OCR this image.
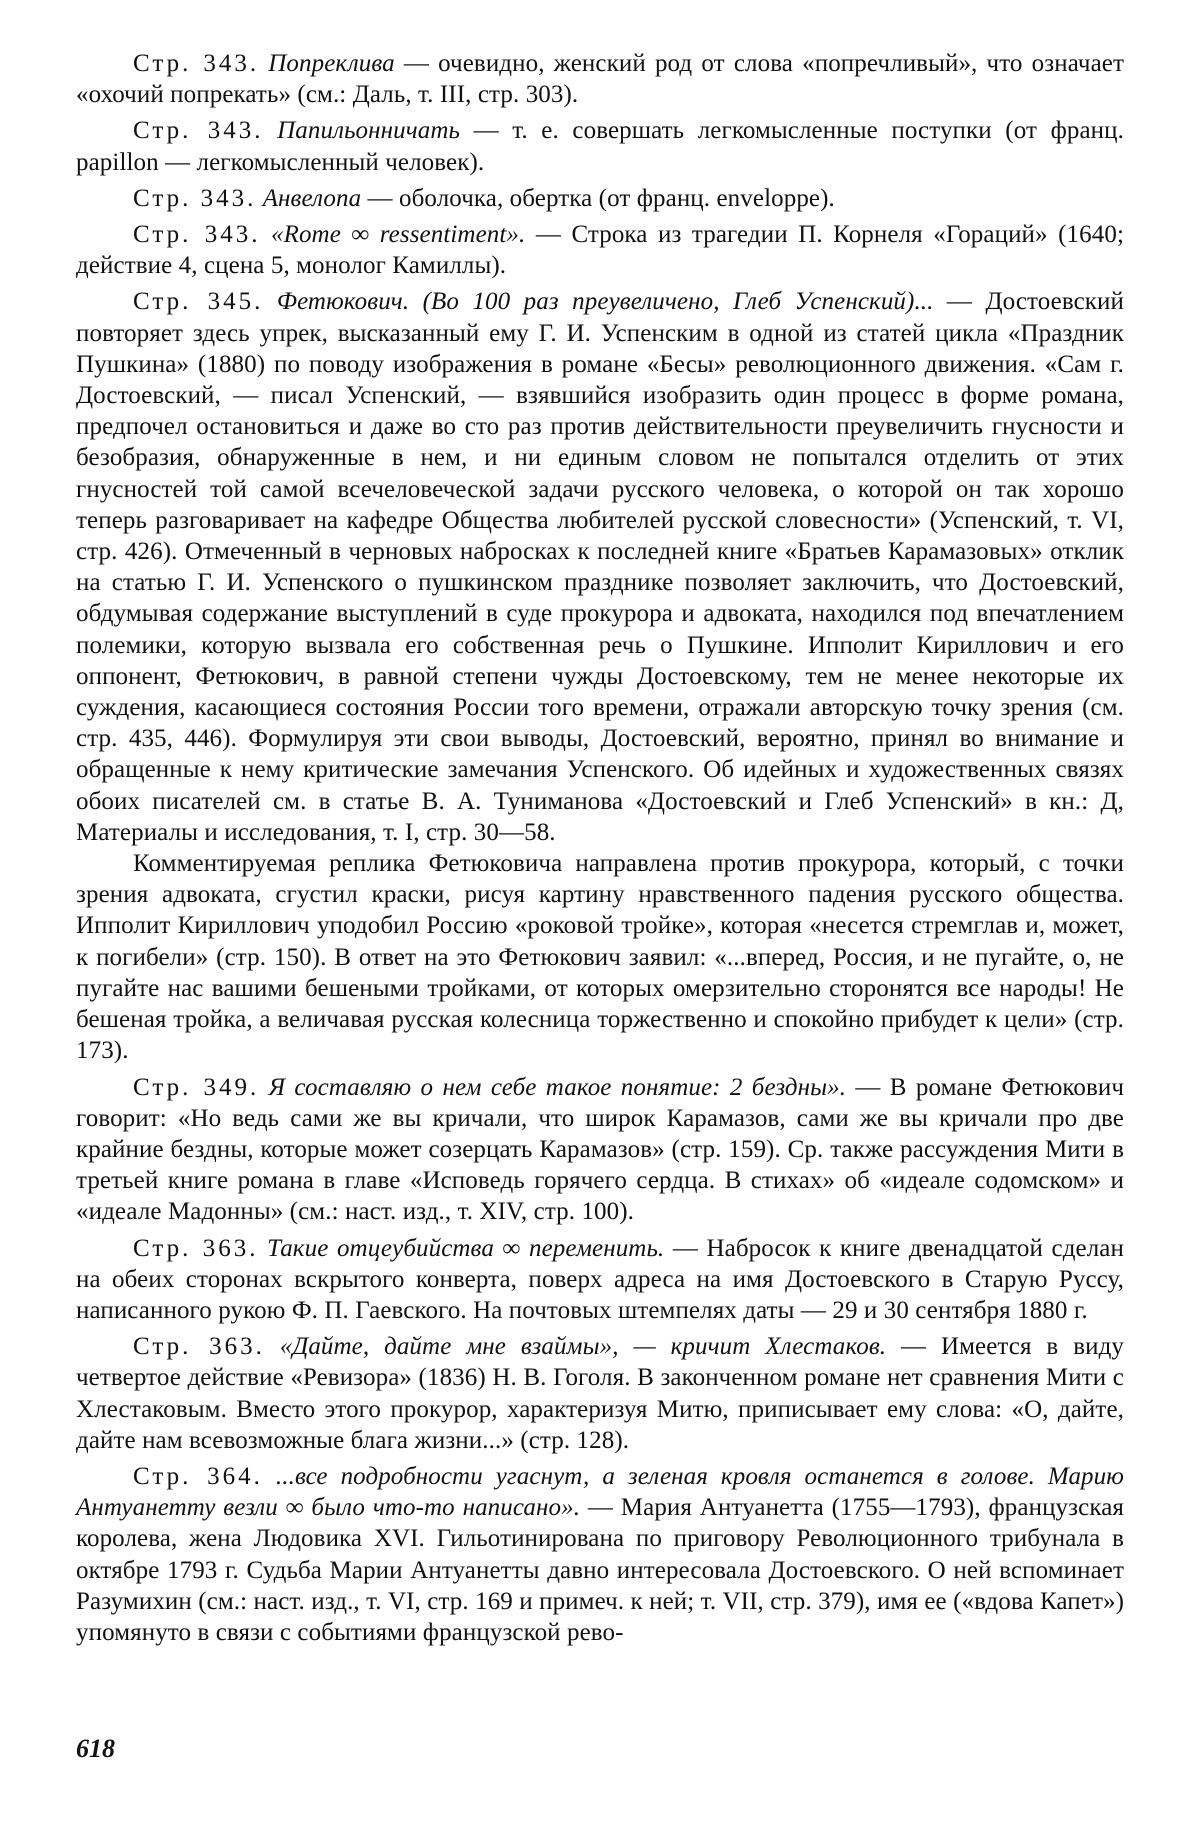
Стр. 343. Попреклива — очевидно, женский род от слова «попречливый», что означает «охочий попрекать» (см.: Даль, т. III, стр. 303).

Стр. 343. Папильонничать — т. е. совершать легкомысленные поступки (от франц. papillon — легкомысленный человек).

Стр. 343. Анвелопа — оболочка, обертка (от франц. enveloppe).

Стр. 343. «Rome ∞ ressentiment». — Строка из трагедии П. Корнеля «Гораций» (1640; действие 4, сцена 5, монолог Камиллы).

Стр. 345. Фетюкович. (Во 100 раз преувеличено, Глеб Успенский)... — Достоевский повторяет здесь упрек, высказанный ему Г. И. Успенским в одной из статей цикла «Праздник Пушкина» (1880) по поводу изображения в романе «Бесы» революционного движения. «Сам г. Достоевский, — писал Успенский, — взявшийся изобразить один процесс в форме романа, предпочел остановиться и даже во сто раз против действительности преувеличить гнусности и безобразия, обнаруженные в нем, и ни единым словом не попытался отделить от этих гнусностей той самой всечеловеческой задачи русского человека, о которой он так хорошо теперь разговаривает на кафедре Общества любителей русской словесности» (Успенский, т. VI, стр. 426). Отмеченный в черновых набросках к последней книге «Братьев Карамазовых» отклик на статью Г. И. Успенского о пушкинском празднике позволяет заключить, что Достоевский, обдумывая содержание выступлений в суде прокурора и адвоката, находился под впечатлением полемики, которую вызвала его собственная речь о Пушкине. Ипполит Кириллович и его оппонент, Фетюкович, в равной степени чужды Достоевскому, тем не менее некоторые их суждения, касающиеся состояния России того времени, отражали авторскую точку зрения (см. стр. 435, 446). Формулируя эти свои выводы, Достоевский, вероятно, принял во внимание и обращенные к нему критические замечания Успенского. Об идейных и художественных связях обоих писателей см. в статье В. А. Туниманова «Достоевский и Глеб Успенский» в кн.: Д, Материалы и исследования, т. I, стр. 30—58.

Комментируемая реплика Фетюковича направлена против прокурора, который, с точки зрения адвоката, сгустил краски, рисуя картину нравственного падения русского общества. Ипполит Кириллович уподобил Россию «роковой тройке», которая «несется стремглав и, может, к погибели» (стр. 150). В ответ на это Фетюкович заявил: «...вперед, Россия, и не пугайте, о, не пугайте нас вашими бешеными тройками, от которых омерзительно сторонятся все народы! Не бешеная тройка, а величавая русская колесница торжественно и спокойно прибудет к цели» (стр. 173).

Стр. 349. Я составляю о нем себе такое понятие: 2 бездны». — В романе Фетюкович говорит: «Но ведь сами же вы кричали, что широк Карамазов, сами же вы кричали про две крайние бездны, которые может созерцать Карамазов» (стр. 159). Ср. также рассуждения Мити в третьей книге романа в главе «Исповедь горячего сердца. В стихах» об «идеале содомском» и «идеале Мадонны» (см.: наст. изд., т. XIV, стр. 100).

Стр. 363. Такие отцеубийства ∞ переменить. — Набросок к книге двенадцатой сделан на обеих сторонах вскрытого конверта, поверх адреса на имя Достоевского в Старую Руссу, написанного рукою Ф. П. Гаевского. На почтовых штемпелях даты — 29 и 30 сентября 1880 г.

Стр. 363. «Дайте, дайте мне взаймы», — кричит Хлестаков. — Имеется в виду четвертое действие «Ревизора» (1836) Н. В. Гоголя. В законченном романе нет сравнения Мити с Хлестаковым. Вместо этого прокурор, характеризуя Митю, приписывает ему слова: «О, дайте, дайте нам всевозможные блага жизни...» (стр. 128).

Стр. 364. ...все подробности угаснут, а зеленая кровля останется в голове. Марию Антуанетту везли ∞ было что-то написано». — Мария Антуанетта (1755—1793), французская королева, жена Людовика XVI. Гильотинирована по приговору Революционного трибунала в октябре 1793 г. Судьба Марии Антуанетты давно интересовала Достоевского. О ней вспоминает Разумихин (см.: наст. изд., т. VI, стр. 169 и примеч. к ней; т. VII, стр. 379), имя ее («вдова Капет») упомянуто в связи с событиями французской рево-

618
